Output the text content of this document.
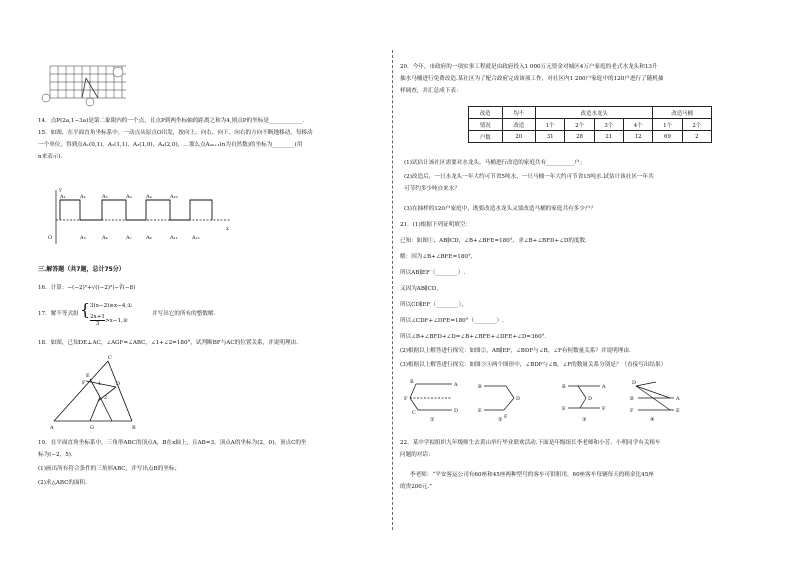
14．点P(2a,1−3a)是第二象限内的一个点，且点P到两坐标轴的距离之和为4,则点P的坐标是____________．
15．如图，在平面直角坐标系中，一动点从原点O出发，按向上、向右、向下、向右的方向不断地移动，每移动
一个单位，得到点A₁(0,1)，A₂(1,1)，A₃(1,0)，A₄(2,0)，…那么点A₄ₙ₊₁(n为自然数)的坐标为________(用
n来表示)．
A₁	A₂	A₅	A₆	A₉	A₁₀
O	A₃	A₄	A₇	A₈	A₁₁	A₁₂
x
y
三.解答题（共7题，总计75分）
16．计算：−(−2)²+√((−2)²)−∛(−8)
17．解不等式组 { 3(x−2)≥x−4,①
$\frac{2x+1}{3}$ >x−1,②
并写出它的所有的整数解.
18．如图，已知DE⊥AC，∠AGF=∠ABC，∠1+∠2=180°，试判断BF与AC的位置关系，并说明理由.
C
D
E
F	1
2
A	G	B
19．在平面直角坐标系中，三角形ABC的顶点A，B在x轴上，且AB=3，顶点A的坐标为(2，0)，顶点C的坐
标为(−2，5)．
(1)画出所有符合条件的三角形ABC，并写出点B的坐标；
(2)求△ABC的面积．
20．今年，市政府的一项实事工程就是由政府投入1 000万元资金对城区4万户家庭的老式水龙头和13升
抽水马桶进行免费改造.某社区为了配合政府完成该项工作，对社区内1 200户家庭中的120户进行了随机抽
样调查，并汇总成下表：
改造	均不	改造水龙头				改造马桶	
情况	改造	1个	2个	3个	4个	1个	2个
户数	20	31	28	21	12	69	2
(1)试估计该社区需要对水龙头、马桶进行改造的家庭共有__________户；
(2)改造后，一只水龙头一年大约可节省5吨水，一只马桶一年大约可节省15吨水.试估计该社区一年共
可节约多少吨自来水？
(3)在抽样的120户家庭中，既要改造水龙头又要改造马桶的家庭共有多少户？
21．(1)根据下列证明填空：
已知：如图①，AB∥CD，∠B+∠BFE=180°，求∠B+∠BFD+∠D的度数.
解：因为∠B+∠BFE=180°，
所以AB∥EF（________）.
又因为AB∥CD，
所以CD∥EF（________），
所以∠CDF+∠DFE=180°（________）.
所以∠B+∠BFD+∠D=∠B+∠BFE+∠DFE+∠D=360°．
(2)根据以上解答进行探究：如图②，AB∥EF，∠BDF与∠B，∠F有何数量关系？并说明理由.
(3)根据以上解答进行探究：如图③④两个图形中，∠BDF与∠B，∠F的数量关系分别是？（直接写出结果）
B	A
F
C	D
①
B
D
E
F
②
B	A
D
E	F
③
D
B	A
F	E
④
22．某中学拟组织九年级师生去黄山举行毕业联欢活动.下面是年级组长李老师和小芳、小明同学有关租车
问题的对话：
李老师：“平安客运公司有60座和45座两种型号的客车可供租用，60座客车每辆每天的租金比45座
的贵200元.”
